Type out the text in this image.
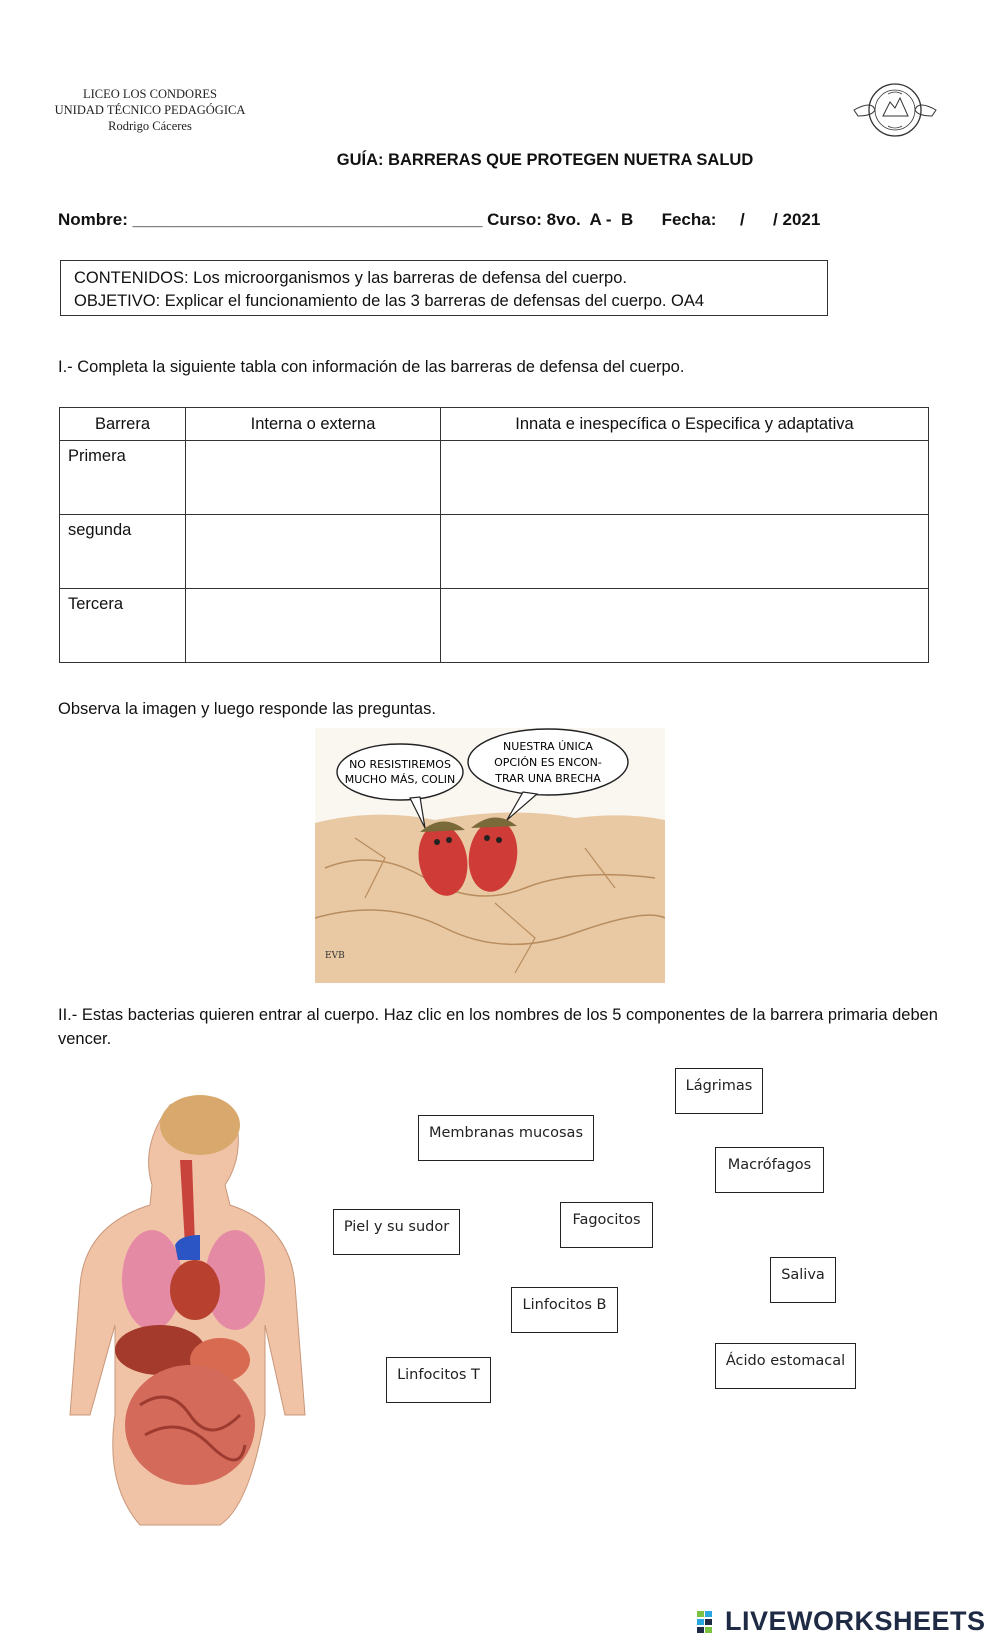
LICEO LOS CONDORES
UNIDAD TÉCNICO PEDAGÓGICA
Rodrigo Cáceres
GUÍA: BARRERAS QUE PROTEGEN NUETRA SALUD
Nombre: _____________________________________ Curso: 8vo.  A -  B      Fecha:     /      / 2021
CONTENIDOS: Los microorganismos y las barreras de defensa del cuerpo.
OBJETIVO: Explicar el funcionamiento de las 3 barreras de defensas del cuerpo. OA4
I.- Completa la siguiente tabla con información de las barreras de defensa del cuerpo.
Barrera	Interna o externa	Innata e inespecífica o Especifica y adaptativa
Primera		
segunda		
Tercera		
Observa la imagen y luego responde las preguntas.
NO RESISTIREMOS
MUCHO MÁS, COLIN
NUESTRA ÚNICA
OPCIÓN ES ENCON-
TRAR UNA BRECHA
EVB
II.- Estas bacterias quieren entrar al cuerpo. Haz clic en los nombres de los 5 componentes de la barrera primaria deben vencer.
Lágrimas
Membranas mucosas
Macrófagos
Piel y su sudor	Fagocitos
Saliva
Linfocitos B
Ácido estomacal
Linfocitos T
LIVEWORKSHEETS
